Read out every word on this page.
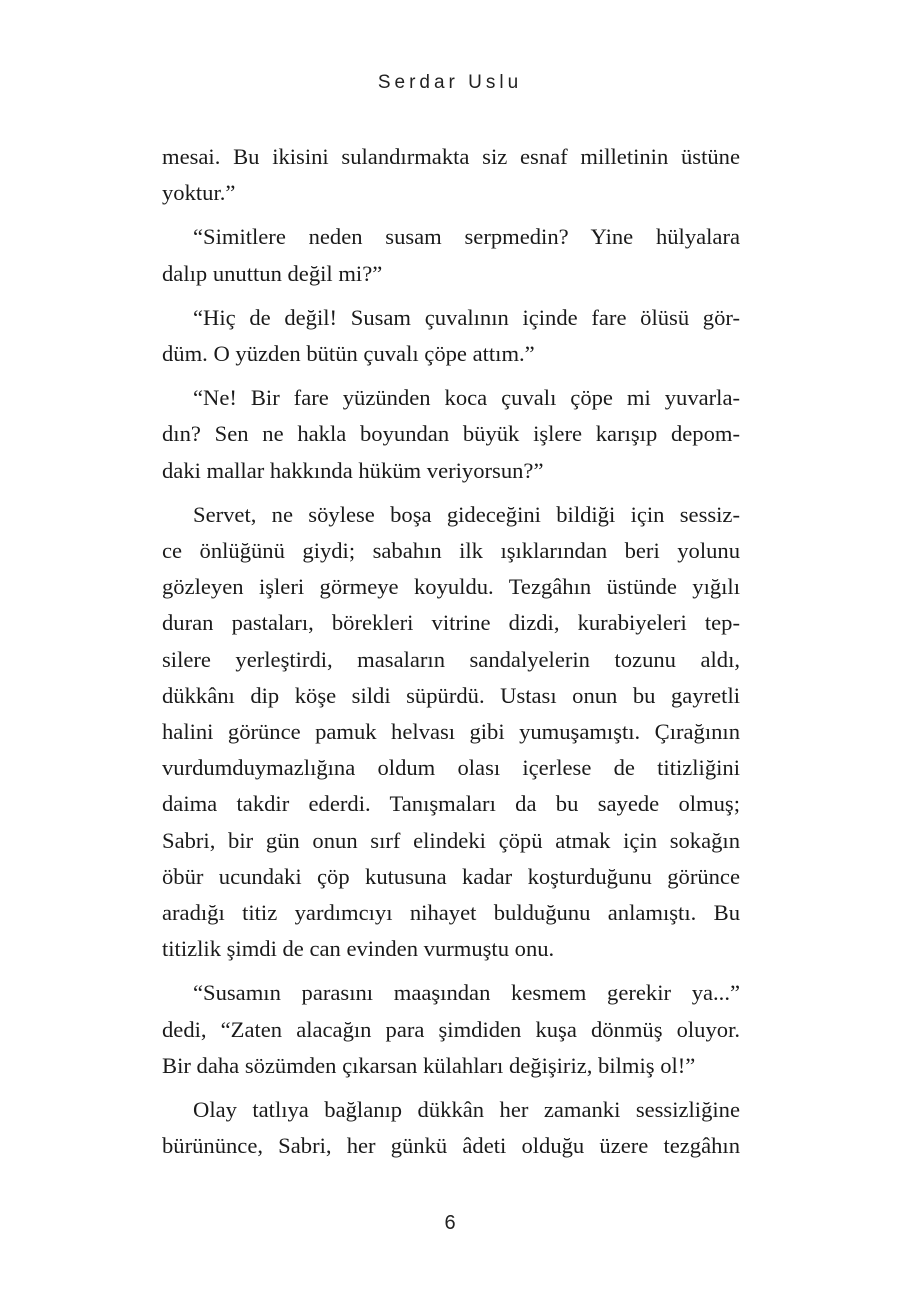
Serdar Uslu

mesai. Bu ikisini sulandırmakta siz esnaf milletinin üstüne
yoktur.”

“Simitlere neden susam serpmedin? Yine hülyalara
dalıp unuttun değil mi?”

“Hiç de değil! Susam çuvalının içinde fare ölüsü gör-
düm. O yüzden bütün çuvalı çöpe attım.”

“Ne! Bir fare yüzünden koca çuvalı çöpe mi yuvarla-
dın? Sen ne hakla boyundan büyük işlere karışıp depom-
daki mallar hakkında hüküm veriyorsun?”

Servet, ne söylese boşa gideceğini bildiği için sessiz-
ce önlüğünü giydi; sabahın ilk ışıklarından beri yolunu
gözleyen işleri görmeye koyuldu. Tezgâhın üstünde yığılı
duran pastaları, börekleri vitrine dizdi, kurabiyeleri tep-
silere yerleştirdi, masaların sandalyelerin tozunu aldı,
dükkânı dip köşe sildi süpürdü. Ustası onun bu gayretli
halini görünce pamuk helvası gibi yumuşamıştı. Çırağının
vurdumduymazlığına oldum olası içerlese de titizliğini
daima takdir ederdi. Tanışmaları da bu sayede olmuş;
Sabri, bir gün onun sırf elindeki çöpü atmak için sokağın
öbür ucundaki çöp kutusuna kadar koşturduğunu görünce
aradığı titiz yardımcıyı nihayet bulduğunu anlamıştı. Bu
titizlik şimdi de can evinden vurmuştu onu.

“Susamın parasını maaşından kesmem gerekir ya...”
dedi, “Zaten alacağın para şimdiden kuşa dönmüş oluyor.
Bir daha sözümden çıkarsan külahları değişiriz, bilmiş ol!”

Olay tatlıya bağlanıp dükkân her zamanki sessizliğine
bürününce, Sabri, her günkü âdeti olduğu üzere tezgâhın

6
